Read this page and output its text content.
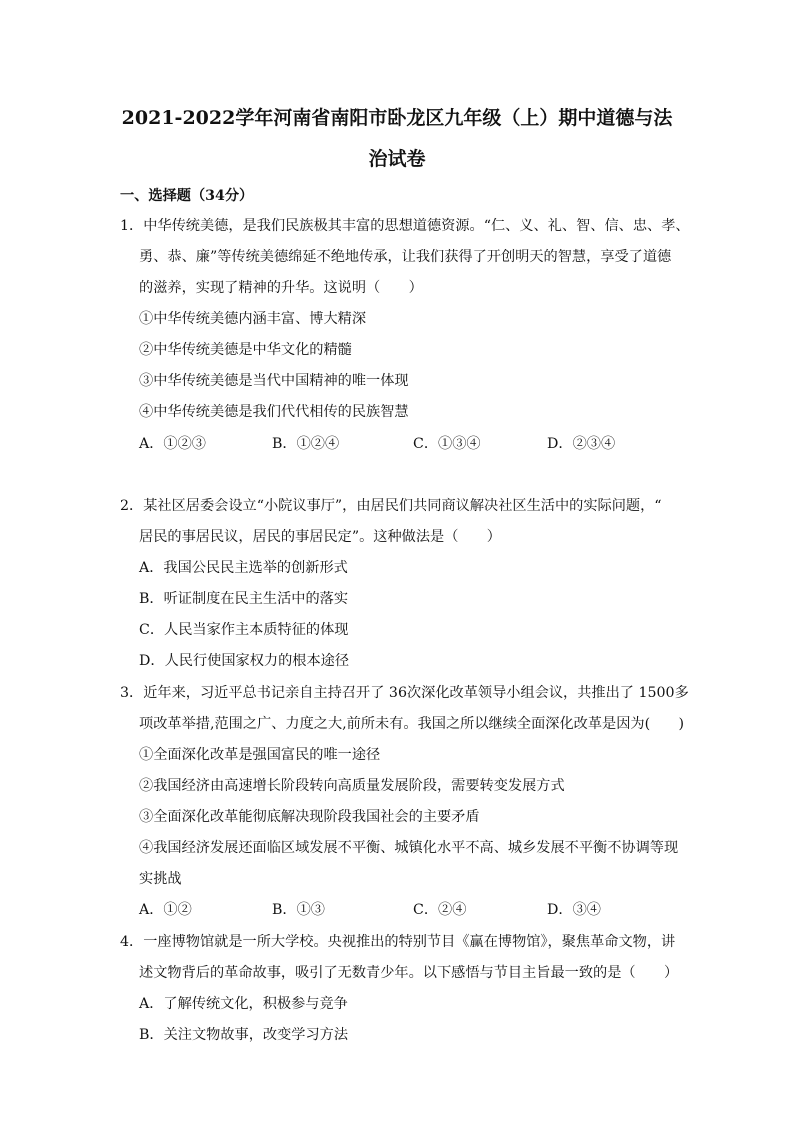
2021-2022学年河南省南阳市卧龙区九年级（上）期中道德与法
治试卷
一、选择题（34分）
1．中华传统美德，是我们民族极其丰富的思想道德资源。“仁、义、礼、智、信、忠、孝、
勇、恭、廉”等传统美德绵延不绝地传承，让我们获得了开创明天的智慧，享受了道德
的滋养，实现了精神的升华。这说明（　　）
①中华传统美德内涵丰富、博大精深
②中华传统美德是中华文化的精髓
③中华传统美德是当代中国精神的唯一体现
④中华传统美德是我们代代相传的民族智慧
A．①②③	B．①②④	C．①③④	D．②③④
2．某社区居委会设立“小院议事厅”，由居民们共同商议解决社区生活中的实际问题，“
居民的事居民议，居民的事居民定”。这种做法是（　　）
A．我国公民民主选举的创新形式
B．听证制度在民主生活中的落实
C．人民当家作主本质特征的体现
D．人民行使国家权力的根本途径
3．近年来，习近平总书记亲自主持召开了 36次深化改革领导小组会议，共推出了 1500多
项改革举措,范围之广、力度之大,前所未有。我国之所以继续全面深化改革是因为(　　)
①全面深化改革是强国富民的唯一途径
②我国经济由高速增长阶段转向高质量发展阶段，需要转变发展方式
③全面深化改革能彻底解决现阶段我国社会的主要矛盾
④我国经济发展还面临区域发展不平衡、城镇化水平不高、城乡发展不平衡不协调等现
实挑战
A．①②	B．①③	C．②④	D．③④
4．一座博物馆就是一所大学校。央视推出的特别节目《赢在博物馆》，聚焦革命文物，讲
述文物背后的革命故事，吸引了无数青少年。以下感悟与节目主旨最一致的是（　　）
A．了解传统文化，积极参与竞争
B．关注文物故事，改变学习方法
